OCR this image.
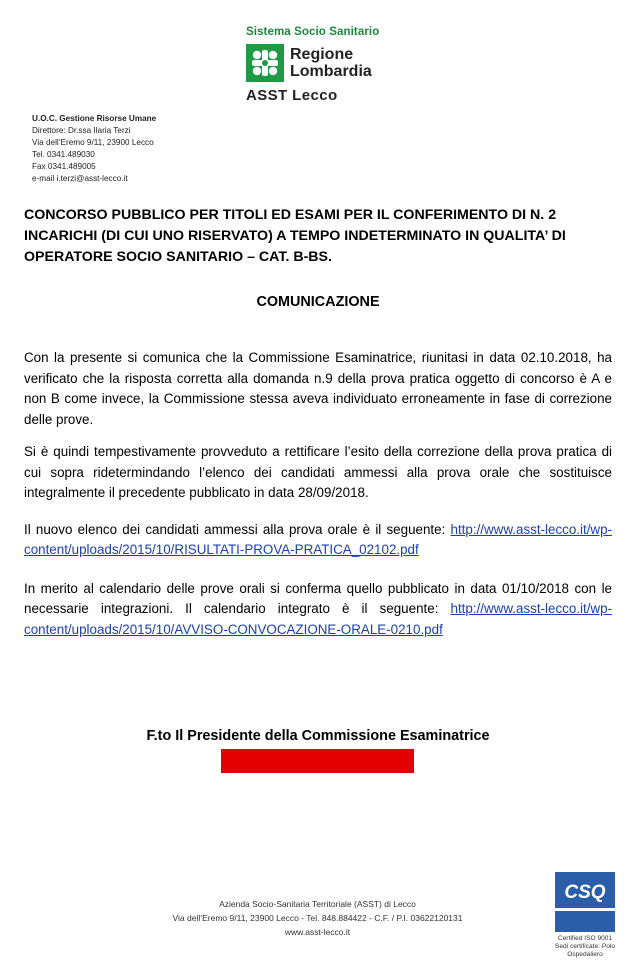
Sistema Socio Sanitario
Regione
Lombardia
ASST Lecco
U.O.C. Gestione Risorse Umane
Direttore: Dr.ssa Ilaria Terzi
Via dell’Eremo 9/11, 23900 Lecco
Tel. 0341.489030
Fax 0341.489005
e-mail i.terzi@asst-lecco.it
CONCORSO PUBBLICO PER TITOLI ED ESAMI PER IL CONFERIMENTO DI N. 2 INCARICHI (DI CUI UNO RISERVATO) A TEMPO INDETERMINATO IN QUALITA’ DI OPERATORE SOCIO SANITARIO – CAT. B-BS.
COMUNICAZIONE

Con la presente si comunica che la Commissione Esaminatrice, riunitasi in data 02.10.2018, ha verificato che la risposta corretta alla domanda n.9 della prova pratica oggetto di concorso è A e non B come invece, la Commissione stessa aveva individuato erroneamente in fase di correzione delle prove.

Si è quindi tempestivamente provveduto a rettificare l’esito della correzione della prova pratica di cui sopra ridetermindando l’elenco dei candidati ammessi alla prova orale che sostituisce integralmente il precedente pubblicato in data 28/09/2018.

Il nuovo elenco dei candidati ammessi alla prova orale è il seguente: http://www.asst-lecco.it/wp-content/uploads/2015/10/RISULTATI-PROVA-PRATICA_02102.pdf

In merito al calendario delle prove orali si conferma quello pubblicato in data 01/10/2018 con le necessarie integrazioni. Il calendario integrato è il seguente: http://www.asst-lecco.it/wp-content/uploads/2015/10/AVVISO-CONVOCAZIONE-ORALE-0210.pdf

F.to Il Presidente della Commissione Esaminatrice
Azienda Socio-Sanitaria Territoriale (ASST) di Lecco
Via dell’Eremo 9/11, 23900 Lecco - Tel. 848.884422 - C.F. / P.I. 03622120131
www.asst-lecco.it
CSQ
Certified ISO 9001
Sedi certificate: Polo Ospedaliero
